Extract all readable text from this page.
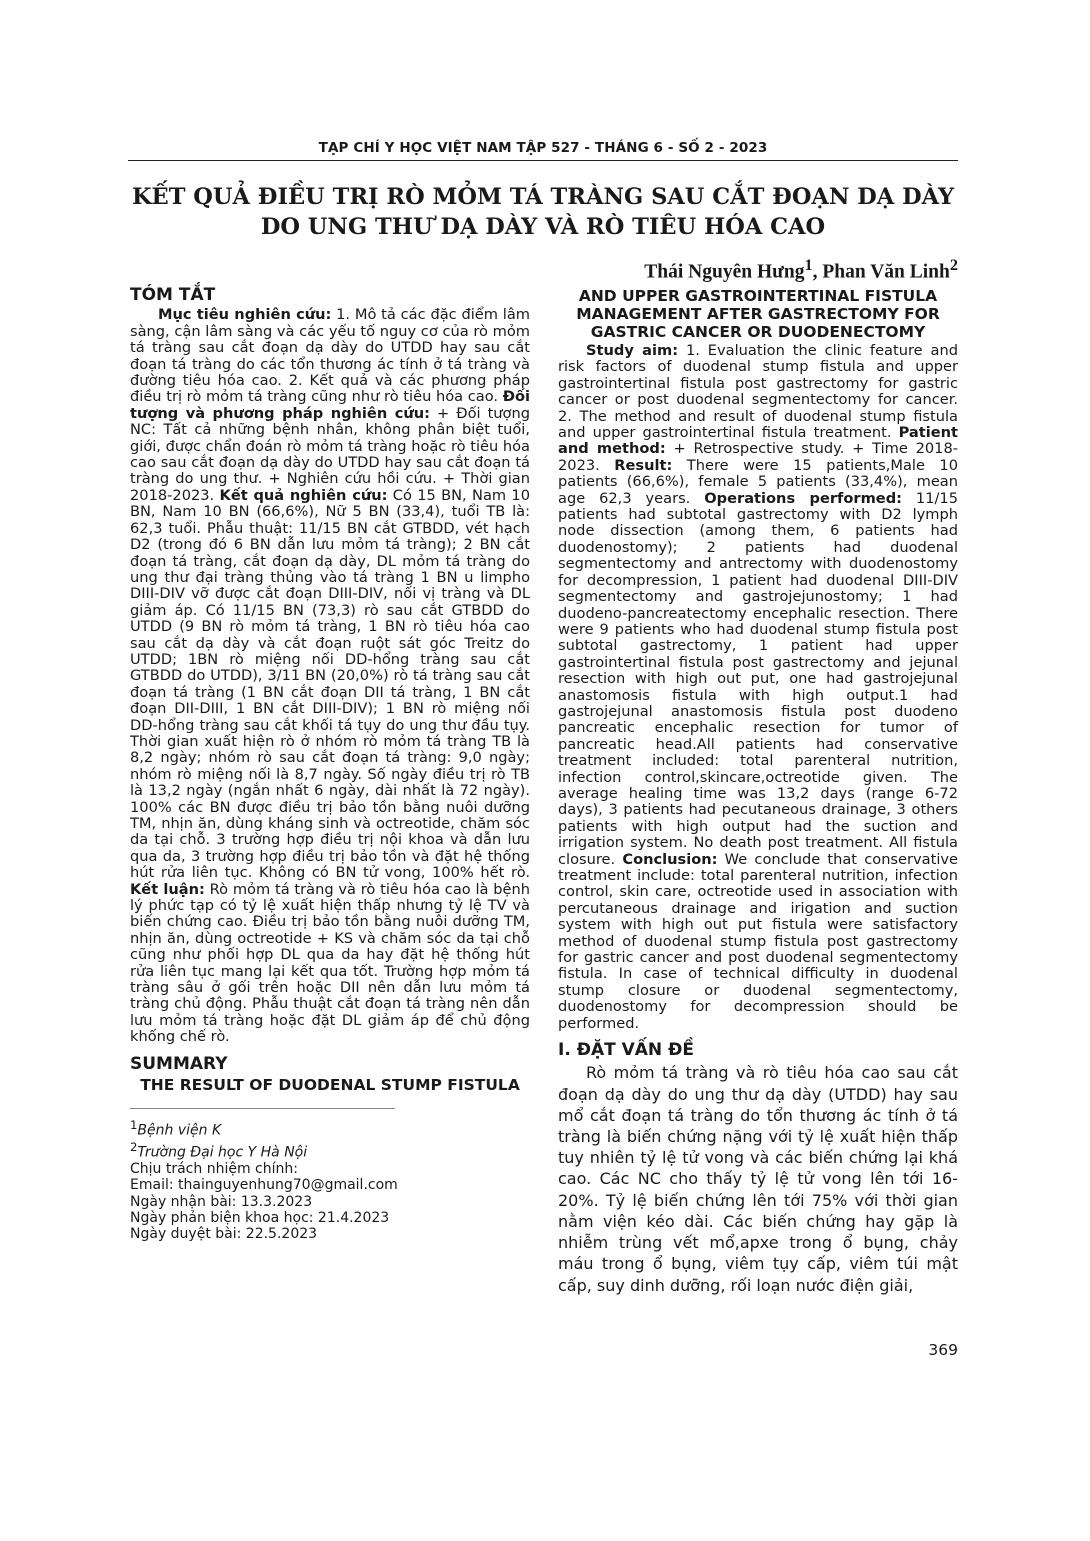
TẠP CHÍ Y HỌC VIỆT NAM TẬP 527 - THÁNG 6 - SỐ 2 - 2023
KẾT QUẢ ĐIỀU TRỊ RÒ MỎM TÁ TRÀNG SAU CẮT ĐOẠN DẠ DÀY
DO UNG THƯ DẠ DÀY VÀ RÒ TIÊU HÓA CAO
Thái Nguyên Hưng$^1$, Phan Văn Linh$^2$
TÓM TẮT

Mục tiêu nghiên cứu: 1. Mô tả các đặc điểm lâm sàng, cận lâm sàng và các yếu tố nguy cơ của rò mỏm tá tràng sau cắt đoạn dạ dày do UTDD hay sau cắt đoạn tá tràng do các tổn thương ác tính ở tá tràng và đường tiêu hóa cao. 2. Kết quả và các phương pháp điều trị rò mỏm tá tràng cũng như rò tiêu hóa cao. Đối tượng và phương pháp nghiên cứu: + Đối tượng NC: Tất cả những bệnh nhân, không phân biệt tuổi, giới, được chẩn đoán rò mỏm tá tràng hoặc rò tiêu hóa cao sau cắt đoạn dạ dày do UTDD hay sau cắt đoạn tá tràng do ung thư. + Nghiên cứu hồi cứu. + Thời gian 2018-2023. Kết quả nghiên cứu: Có 15 BN, Nam 10 BN, Nam 10 BN (66,6%), Nữ 5 BN (33,4), tuổi TB là: 62,3 tuổi. Phẫu thuật: 11/15 BN cắt GTBDD, vét hạch D2 (trong đó 6 BN dẫn lưu mỏm tá tràng); 2 BN cắt đoạn tá tràng, cắt đoạn dạ dày, DL mỏm tá tràng do ung thư đại tràng thủng vào tá tràng 1 BN u limpho DIII-DIV vỡ được cắt đoạn DIII-DIV, nối vị tràng và DL giảm áp. Có 11/15 BN (73,3) rò sau cắt GTBDD do UTDD (9 BN rò mỏm tá tràng, 1 BN rò tiêu hóa cao sau cắt dạ dày và cắt đoạn ruột sát góc Treitz do UTDD; 1BN rò miệng nối DD-hổng tràng sau cắt GTBDD do UTDD), 3/11 BN (20,0%) rò tá tràng sau cắt đoạn tá tràng (1 BN cắt đoạn DII tá tràng, 1 BN cắt đoạn DII-DIII, 1 BN cắt DIII-DIV); 1 BN rò miệng nối DD-hổng tràng sau cắt khối tá tụy do ung thư đầu tụy. Thời gian xuất hiện rò ở nhóm rò mỏm tá tràng TB là 8,2 ngày; nhóm rò sau cắt đoạn tá tràng: 9,0 ngày; nhóm rò miệng nối là 8,7 ngày. Số ngày điều trị rò TB là 13,2 ngày (ngắn nhất 6 ngày, dài nhất là 72 ngày). 100% các BN được điều trị bảo tồn bằng nuôi dưỡng TM, nhịn ăn, dùng kháng sinh và octreotide, chăm sóc da tại chỗ. 3 trường hợp điều trị nội khoa và dẫn lưu qua da, 3 trường hợp điều trị bảo tồn và đặt hệ thống hút rửa liên tục. Không có BN tử vong, 100% hết rò. Kết luận: Rò mỏm tá tràng và rò tiêu hóa cao là bệnh lý phức tạp có tỷ lệ xuất hiện thấp nhưng tỷ lệ TV và biến chứng cao. Điều trị bảo tồn bằng nuôi dưỡng TM, nhịn ăn, dùng octreotide + KS và chăm sóc da tại chỗ cũng như phối hợp DL qua da hay đặt hệ thống hút rửa liên tục mang lại kết qua tốt. Trường hợp mỏm tá tràng sâu ở gối trên hoặc DII nên dẫn lưu mỏm tá tràng chủ động. Phẫu thuật cắt đoạn tá tràng nên dẫn lưu mỏm tá tràng hoặc đặt DL giảm áp để chủ động khống chế rò.

SUMMARY
THE RESULT OF DUODENAL STUMP FISTULA
$^1$Bệnh viện K
$^2$Trường Đại học Y Hà Nội
Chịu trách nhiệm chính:
Email: thainguyenhung70@gmail.com
Ngày nhận bài: 13.3.2023
Ngày phản biện khoa học: 21.4.2023
Ngày duyệt bài: 22.5.2023
AND UPPER GASTROINTERTINAL FISTULA MANAGEMENT AFTER GASTRECTOMY FOR GASTRIC CANCER OR DUODENECTOMY

Study aim: 1. Evaluation the clinic feature and risk factors of duodenal stump fistula and upper gastrointertinal fistula post gastrectomy for gastric cancer or post duodenal segmentectomy for cancer. 2. The method and result of duodenal stump fistula and upper gastrointertinal fistula treatment. Patient and method: + Retrospective study. + Time 2018-2023. Result: There were 15 patients,Male 10 patients (66,6%), female 5 patients (33,4%), mean age 62,3 years. Operations performed: 11/15 patients had subtotal gastrectomy with D2 lymph node dissection (among them, 6 patients had duodenostomy); 2 patients had duodenal segmentectomy and antrectomy with duodenostomy for decompression, 1 patient had duodenal DIII-DIV segmentectomy and gastrojejunostomy; 1 had duodeno-pancreatectomy encephalic resection. There were 9 patients who had duodenal stump fistula post subtotal gastrectomy, 1 patient had upper gastrointertinal fistula post gastrectomy and jejunal resection with high out put, one had gastrojejunal anastomosis fistula with high output.1 had gastrojejunal anastomosis fistula post duodeno pancreatic encephalic resection for tumor of pancreatic head.All patients had conservative treatment included: total parenteral nutrition, infection control,skincare,octreotide given. The average healing time was 13,2 days (range 6-72 days), 3 patients had pecutaneous drainage, 3 others patients with high output had the suction and irrigation system. No death post treatment. All fistula closure. Conclusion: We conclude that conservative treatment include: total parenteral nutrition, infection control, skin care, octreotide used in association with percutaneous drainage and irigation and suction system with high out put fistula were satisfactory method of duodenal stump fistula post gastrectomy for gastric cancer and post duodenal segmentectomy fistula. In case of technical difficulty in duodenal stump closure or duodenal segmentectomy, duodenostomy for decompression should be performed.

I. ĐẶT VẤN ĐỀ

Rò mỏm tá tràng và rò tiêu hóa cao sau cắt đoạn dạ dày do ung thư dạ dày (UTDD) hay sau mổ cắt đoạn tá tràng do tổn thương ác tính ở tá tràng là biến chứng nặng với tỷ lệ xuất hiện thấp tuy nhiên tỷ lệ tử vong và các biến chứng lại khá cao. Các NC cho thấy tỷ lệ tử vong lên tới 16-20%. Tỷ lệ biến chứng lên tới 75% với thời gian nằm viện kéo dài. Các biến chứng hay gặp là nhiễm trùng vết mổ,apxe trong ổ bụng, chảy máu trong ổ bụng, viêm tụy cấp, viêm túi mật cấp, suy dinh dưỡng, rối loạn nước điện giải,

369
